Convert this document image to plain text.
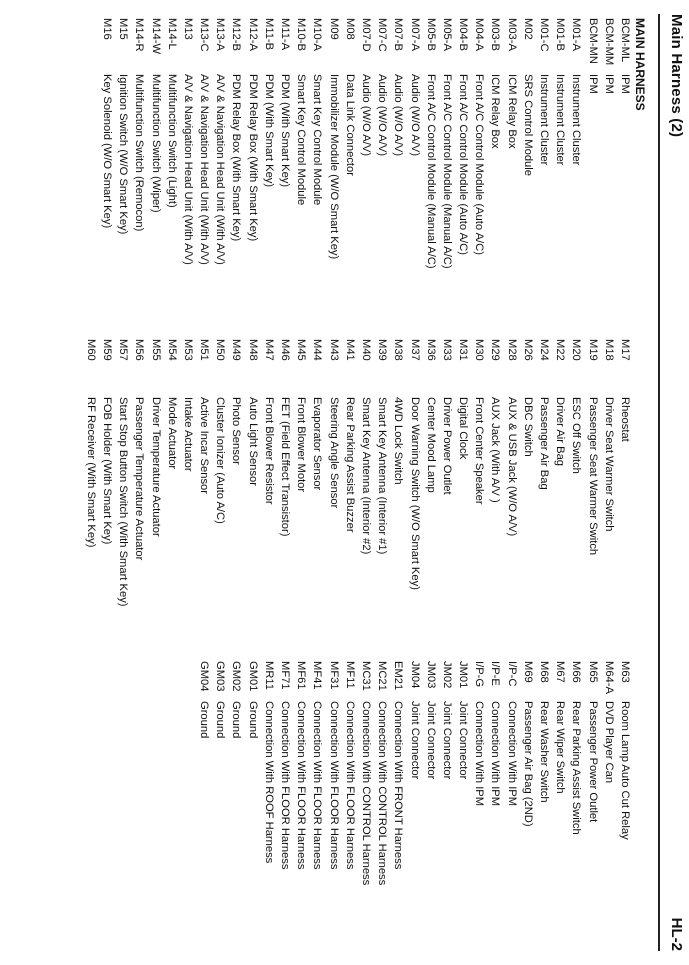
Main Harness (2)
HL-2
MAIN HARNESS
BCM-ML
IPM
BCM-MM
IPM
BCM-MN
IPM
M01-A
Instrument Cluster
M01-B
Instrument Cluster
M01-C
Instrument Cluster
M02
SRS Control Module
M03-A
ICM Relay Box
M03-B
ICM Relay Box
M04-A
Front A/C Control Module (Auto A/C)
M04-B
Front A/C Control Module (Auto A/C)
M05-A
Front A/C Control Module (Manual A/C)
M05-B
Front A/C Control Module (Manual A/C)
M07-A
Audio (W/O A/V)
M07-B
Audio (W/O A/V)
M07-C
Audio (W/O A/V)
M07-D
Audio (W/O A/V)
M08
Data Link Connector
M09
Immobilizer Module (W/O Smart Key)
M10-A
Smart Key Control Module
M10-B
Smart Key Control Module
M11-A
PDM (With Smart Key)
M11-B
PDM (With Smart Key)
M12-A
PDM Relay Box (With Smart Key)
M12-B
PDM Relay Box (With Smart Key)
M13-A
A/V & Navigation Head Unit (With A/V)
M13-C
A/V & Navigation Head Unit (With A/V)
M13
A/V & Navigation Head Unit (With A/V)
M14-L
Multifunction Switch (Light)
M14-W
Multifunction Switch (Wiper)
M14-R
Multifunction Switch (Remocon)
M15
Ignition Switch (W/O Smart Key)
M16
Key Solenoid (W/O Smart Key)
M17
Rheostat
M18
Driver Seat Warmer Switch
M19
Passenger Seat Warmer Switch
M20
ESC Off Switch
M22
Driver Air Bag
M24
Passenger Air Bag
M26
DBC Switch
M28
AUX & USB Jack (W/O A/V)
M29
AUX Jack (With A/V )
M30
Front Center Speaker
M31
Digital Clock
M33
Driver Power Outlet
M36
Center Mood Lamp
M37
Door Warning Switch (W/O Smart Key)
M38
4WD Lock Switch
M39
Smart Key Antenna (Interior #1)
M40
Smart Key Antenna (Interior #2)
M41
Rear Parking Assist Buzzer
M43
Steering Angle Sensor
M44
Evaporator Sensor
M45
Front Blower Motor
M46
FET (Field Effect Transistor)
M47
Front Blower Resistor
M48
Auto Light Sensor
M49
Photo Sensor
M50
Cluster Ionizer (Auto A/C)
M51
Active Incar Sensor
M53
Intake Actuator
M54
Mode Actuator
M55
Driver Temperature Actuator
M56
Passenger Temperature Actuator
M57
Start Stop Button Switch (With Smart Key)
M59
FOB Holder (With Smart Key)
M60
RF Receiver (With Smart Key)
M63
Room Lamp Auto Cut Relay
M64-A
DVD Player Can
M65
Passenger Power Outlet
M66
Rear Parking Assist Switch
M67
Rear Wiper Switch
M68
Rear Washer Switch
M69
Passenger Air Bag (2ND)
I/P-C
Connection With IPM
I/P-E
Connection With IPM
I/P-G
Connection With IPM
JM01
Joint Connector
JM02
Joint Connector
JM03
Joint Connector
JM04
Joint Connector
EM21
Connection With FRONT Harness
MC21
Connection With CONTROL Harness
MC31
Connection With CONTROL Harness
MF11
Connection With FLOOR Harness
MF31
Connection With FLOOR Harness
MF41
Connection With FLOOR Harness
MF61
Connection With FLOOR Harness
MF71
Connection With FLOOR Harness
MR11
Connection With ROOF Harness
GM01
Ground
GM02
Ground
GM03
Ground
GM04
Ground
